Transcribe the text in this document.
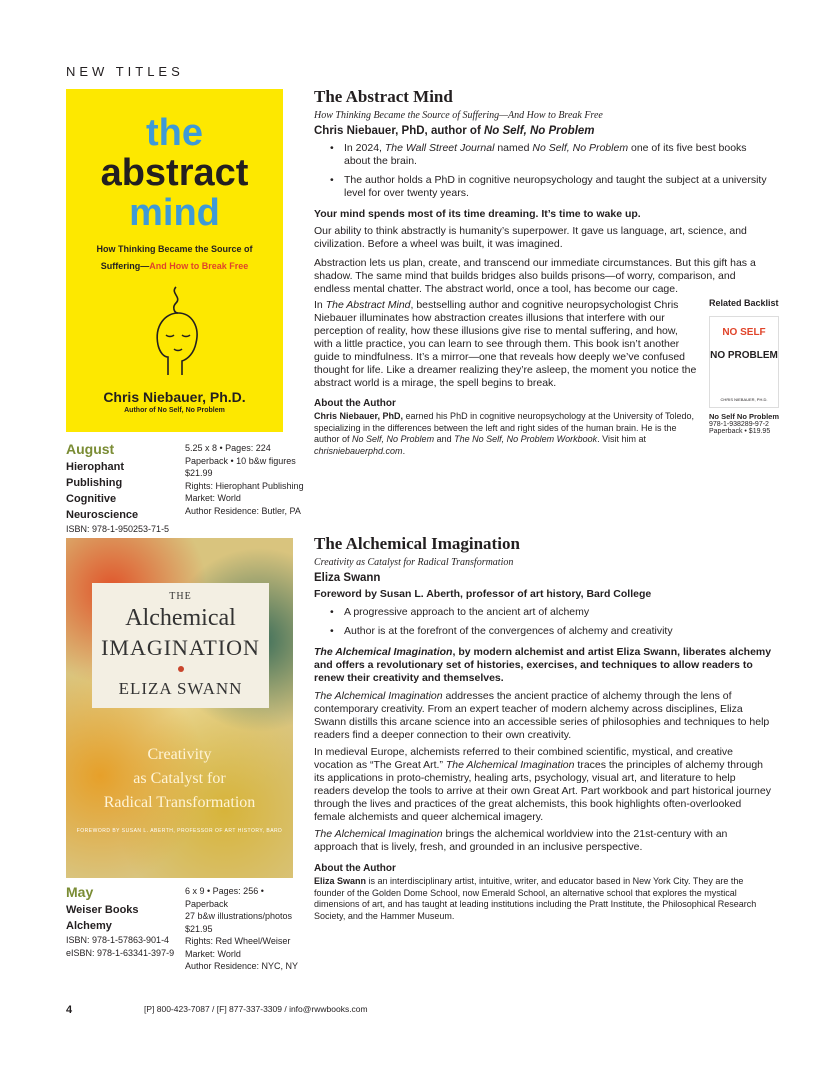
NEW TITLES
the
abstract
mind
How Thinking Became the Source of
Suffering—And How to Break Free
Chris Niebauer, Ph.D.
Author of No Self, No Problem
August
Hierophant Publishing
Cognitive Neuroscience
ISBN: 978-1-950253-71-5
5.25 x 8 • Pages: 224
Paperback • 10 b&w figures
$21.99
Rights: Hierophant Publishing
Market: World
Author Residence: Butler, PA
The Abstract Mind
How Thinking Became the Source of Suffering—And How to Break Free
Chris Niebauer, PhD, author of No Self, No Problem
• In 2024, The Wall Street Journal named No Self, No Problem one of its five best books about the brain.
• The author holds a PhD in cognitive neuropsychology and taught the subject at a university level for over twenty years.
Your mind spends most of its time dreaming. It’s time to wake up.
Our ability to think abstractly is humanity’s superpower. It gave us language, art, science, and civilization. Before a wheel was built, it was imagined.
Abstraction lets us plan, create, and transcend our immediate circumstances. But this gift has a shadow. The same mind that builds bridges also builds prisons—of worry, comparison, and endless mental chatter. The abstract world, once a tool, has become our cage.
In The Abstract Mind, bestselling author and cognitive neuropsychologist Chris Niebauer illuminates how abstraction creates illusions that interfere with our perception of reality, how these illusions give rise to mental suffering, and how, with a little practice, you can learn to see through them. This book isn’t another guide to mindfulness. It’s a mirror—one that reveals how deeply we’ve confused thought for life. Like a dreamer realizing they’re asleep, the moment you notice the abstract world is a mirage, the spell begins to break.
About the Author
Chris Niebauer, PhD, earned his PhD in cognitive neuropsychology at the University of Toledo, specializing in the differences between the left and right sides of the human brain. He is the author of No Self, No Problem and The No Self, No Problem Workbook. Visit him at chrisniebauerphd.com.
Related Backlist
NO SELF
NO PROBLEM
CHRIS NIEBAUER, PH.D.
No Self No Problem
978-1-938289-97-2
Paperback • $19.95
THE
Alchemical
IMAGINATION
ELIZA SWANN
Creativity
as Catalyst for
Radical Transformation
FOREWORD BY SUSAN L. ABERTH, PROFESSOR OF ART HISTORY, BARD
May
Weiser Books
Alchemy
ISBN: 978-1-57863-901-4
eISBN: 978-1-63341-397-9
6 x 9 • Pages: 256 • Paperback
27 b&w illustrations/photos
$21.95
Rights: Red Wheel/Weiser
Market: World
Author Residence: NYC, NY
The Alchemical Imagination
Creativity as Catalyst for Radical Transformation
Eliza Swann
Foreword by Susan L. Aberth, professor of art history, Bard College
• A progressive approach to the ancient art of alchemy
• Author is at the forefront of the convergences of alchemy and creativity
The Alchemical Imagination, by modern alchemist and artist Eliza Swann, liberates alchemy and offers a revolutionary set of histories, exercises, and techniques to allow readers to renew their creativity and themselves.
The Alchemical Imagination addresses the ancient practice of alchemy through the lens of contemporary creativity. From an expert teacher of modern alchemy across disciplines, Eliza Swann distills this arcane science into an accessible series of philosophies and techniques to help readers find a deeper connection to their own creativity.
In medieval Europe, alchemists referred to their combined scientific, mystical, and creative vocation as “The Great Art.” The Alchemical Imagination traces the principles of alchemy through its applications in proto-chemistry, healing arts, psychology, visual art, and literature to help readers develop the tools to arrive at their own Great Art. Part workbook and part historical journey through the lives and practices of the great alchemists, this book highlights often-overlooked female alchemists and queer alchemical imagery.
The Alchemical Imagination brings the alchemical worldview into the 21st-century with an approach that is lively, fresh, and grounded in an inclusive perspective.
About the Author
Eliza Swann is an interdisciplinary artist, intuitive, writer, and educator based in New York City. They are the founder of the Golden Dome School, now Emerald School, an alternative school that explores the mystical dimensions of art, and has taught at leading institutions including the Pratt Institute, the Philosophical Research Society, and the Hammer Museum.
4	[P] 800-423-7087 / [F] 877-337-3309 / info@rwwbooks.com
